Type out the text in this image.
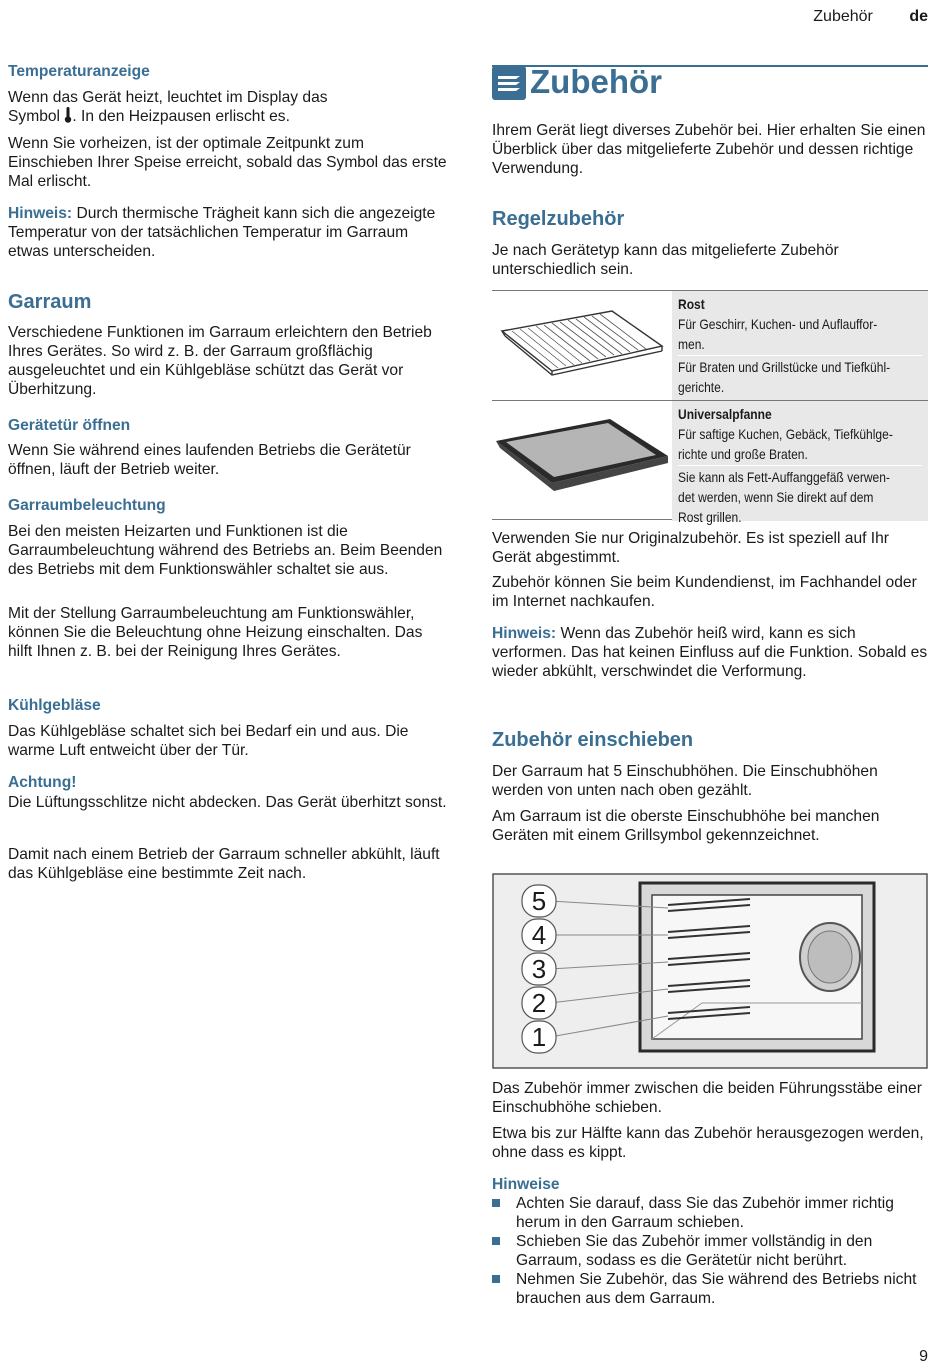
Zubehör de
Temperaturanzeige

Wenn das Gerät heizt, leuchtet im Display das
Symbol . In den Heizpausen erlischt es.

Wenn Sie vorheizen, ist der optimale Zeitpunkt zum Einschieben Ihrer Speise erreicht, sobald das Symbol das erste Mal erlischt.

Hinweis: Durch thermische Trägheit kann sich die angezeigte Temperatur von der tatsächlichen Temperatur im Garraum etwas unterscheiden.

Garraum

Verschiedene Funktionen im Garraum erleichtern den Betrieb Ihres Gerätes. So wird z. B. der Garraum großflächig ausgeleuchtet und ein Kühlgebläse schützt das Gerät vor Überhitzung.

Gerätetür öffnen

Wenn Sie während eines laufenden Betriebs die Gerätetür öffnen, läuft der Betrieb weiter.

Garraumbeleuchtung

Bei den meisten Heizarten und Funktionen ist die Garraumbeleuchtung während des Betriebs an. Beim Beenden des Betriebs mit dem Funktionswähler schaltet sie aus.

Mit der Stellung Garraumbeleuchtung am Funktionswähler, können Sie die Beleuchtung ohne Heizung einschalten. Das hilft Ihnen z. B. bei der Reinigung Ihres Gerätes.

Kühlgebläse

Das Kühlgebläse schaltet sich bei Bedarf ein und aus. Die warme Luft entweicht über der Tür.

Achtung!

Die Lüftungsschlitze nicht abdecken. Das Gerät überhitzt sonst.

Damit nach einem Betrieb der Garraum schneller abkühlt, läuft das Kühlgebläse eine bestimmte Zeit nach.

Zubehör

Ihrem Gerät liegt diverses Zubehör bei. Hier erhalten Sie einen Überblick über das mitgelieferte Zubehör und dessen richtige Verwendung.

Regelzubehör

Je nach Gerätetyp kann das mitgelieferte Zubehör unterschiedlich sein.

Rost
Für Geschirr, Kuchen- und Auflauffor-
men.
Für Braten und Grillstücke und Tiefkühl-
gerichte.
Universalpfanne
Für saftige Kuchen, Gebäck, Tiefkühlge-
richte und große Braten.
Sie kann als Fett-Auffanggefäß verwen-
det werden, wenn Sie direkt auf dem
Rost grillen.

Verwenden Sie nur Originalzubehör. Es ist speziell auf Ihr Gerät abgestimmt.

Zubehör können Sie beim Kundendienst, im Fachhandel oder im Internet nachkaufen.

Hinweis: Wenn das Zubehör heiß wird, kann es sich verformen. Das hat keinen Einfluss auf die Funktion. Sobald es wieder abkühlt, verschwindet die Verformung.

Zubehör einschieben

Der Garraum hat 5 Einschubhöhen. Die Einschubhöhen werden von unten nach oben gezählt.

Am Garraum ist die oberste Einschubhöhe bei manchen Geräten mit einem Grillsymbol gekennzeichnet.

5
4
3
2
1

Das Zubehör immer zwischen die beiden Führungsstäbe einer Einschubhöhe schieben.

Etwa bis zur Hälfte kann das Zubehör herausgezogen werden, ohne dass es kippt.

Hinweise
Achten Sie darauf, dass Sie das Zubehör immer richtig herum in den Garraum schieben.
Schieben Sie das Zubehör immer vollständig in den Garraum, sodass es die Gerätetür nicht berührt.
Nehmen Sie Zubehör, das Sie während des Betriebs nicht brauchen aus dem Garraum.
9
